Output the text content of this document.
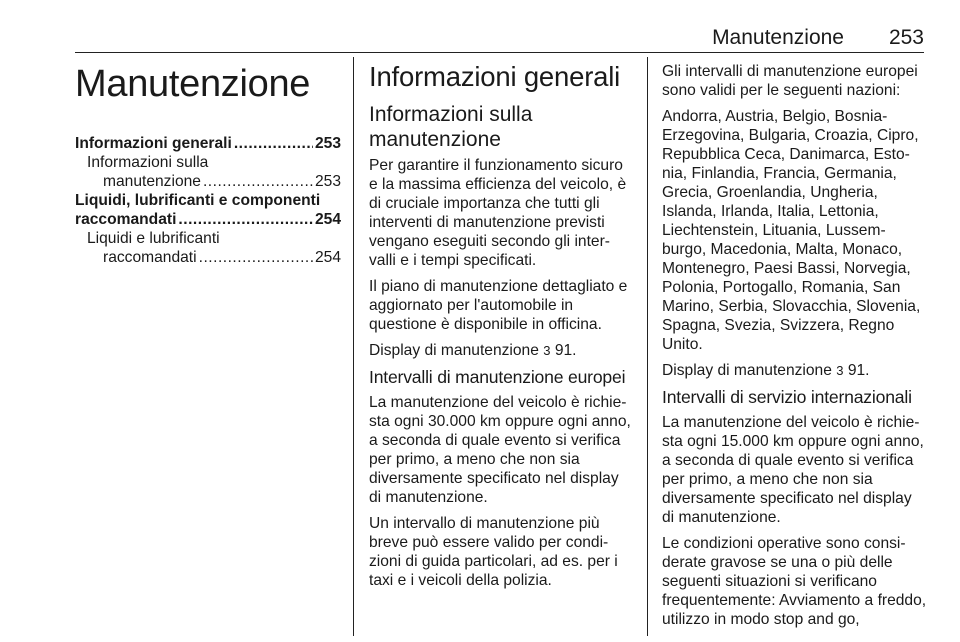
Manutenzione 253
Manutenzione
Informazioni generali .....	253
Informazioni sulla
manutenzione .....	253
Liquidi, lubrificanti e componenti
raccomandati .....	254
Liquidi e lubrificanti
raccomandati .....	254
Informazioni generali
Informazioni sulla manutenzione

Per garantire il funzionamento sicuro e la massima efficienza del veicolo, è di cruciale importanza che tutti gli interventi di manutenzione previsti vengano eseguiti secondo gli inter-valli e i tempi specificati.

Il piano di manutenzione dettagliato e aggiornato per l'automobile in questione è disponibile in officina.

Display di manutenzione 3 91.

Intervalli di manutenzione europei

La manutenzione del veicolo è richie-sta ogni 30.000 km oppure ogni anno, a seconda di quale evento si verifica per primo, a meno che non sia diversamente specificato nel display di manutenzione.

Un intervallo di manutenzione più breve può essere valido per condi-zioni di guida particolari, ad es. per i taxi e i veicoli della polizia.

Gli intervalli di manutenzione europei sono validi per le seguenti nazioni:

Andorra, Austria, Belgio, Bosnia-Erzegovina, Bulgaria, Croazia, Cipro, Repubblica Ceca, Danimarca, Esto-nia, Finlandia, Francia, Germania, Grecia, Groenlandia, Ungheria, Islanda, Irlanda, Italia, Lettonia, Liechtenstein, Lituania, Lussem-burgo, Macedonia, Malta, Monaco, Montenegro, Paesi Bassi, Norvegia, Polonia, Portogallo, Romania, San Marino, Serbia, Slovacchia, Slovenia, Spagna, Svezia, Svizzera, Regno Unito.

Display di manutenzione 3 91.

Intervalli di servizio internazionali

La manutenzione del veicolo è richie-sta ogni 15.000 km oppure ogni anno, a seconda di quale evento si verifica per primo, a meno che non sia diversamente specificato nel display di manutenzione.

Le condizioni operative sono consi-derate gravose se una o più delle seguenti situazioni si verificano frequentemente: Avviamento a freddo, utilizzo in modo stop and go,
